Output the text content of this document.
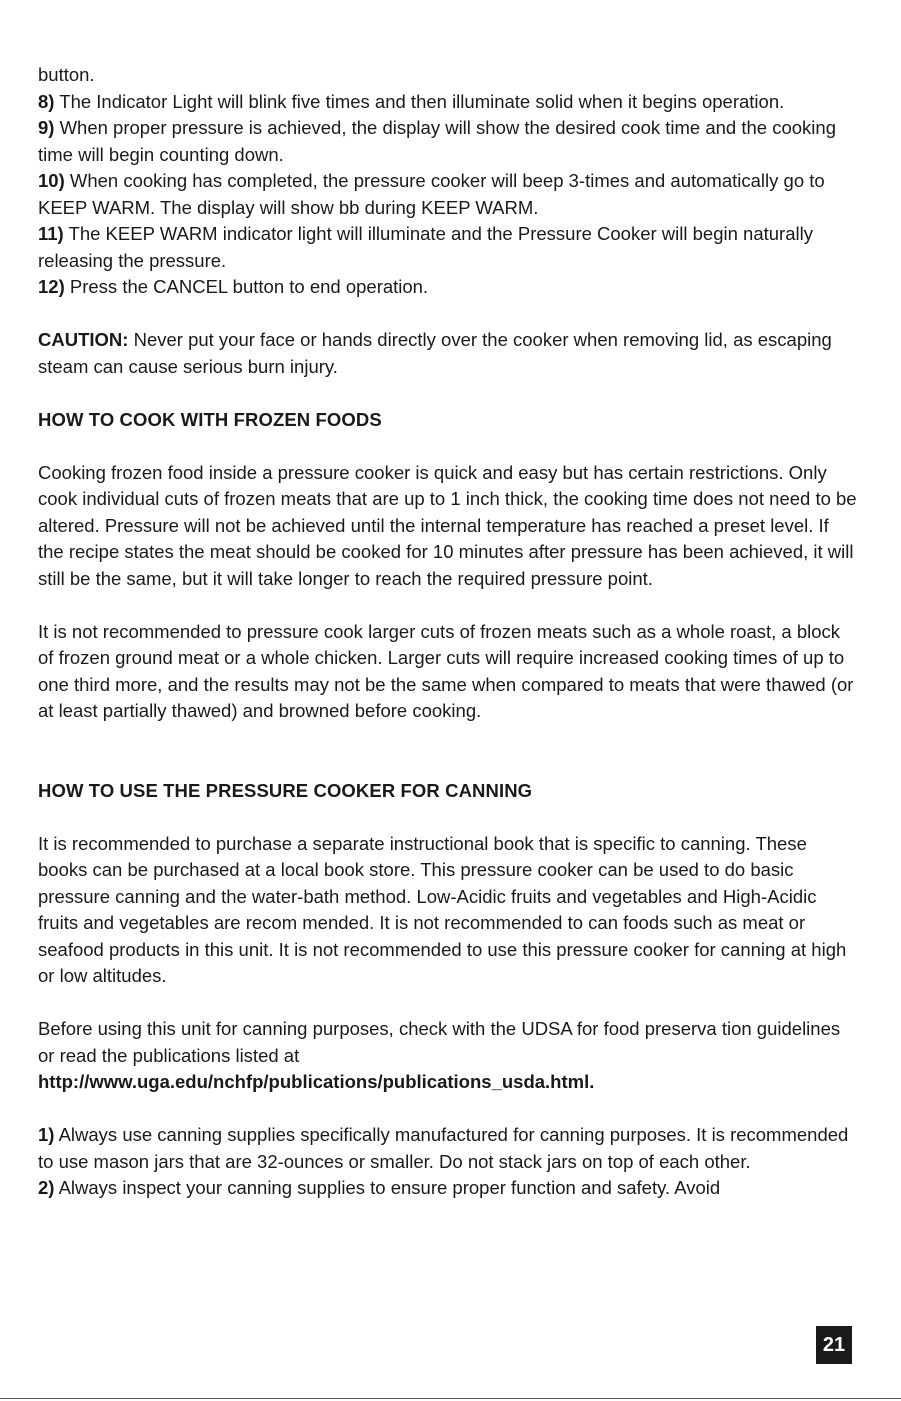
button.

8) The Indicator Light will blink five times and then illuminate solid when it begins operation.

9) When proper pressure is achieved, the display will show the desired cook time and the cooking time will begin counting down.

10) When cooking has completed, the pressure cooker will beep 3-times and automatically go to KEEP WARM. The display will show bb during KEEP WARM.

11) The KEEP WARM indicator light will illuminate and the Pressure Cooker will begin naturally releasing the pressure.

12) Press the CANCEL button to end operation.

CAUTION: Never put your face or hands directly over the cooker when removing lid, as escaping steam can cause serious burn injury.

HOW TO COOK WITH FROZEN FOODS

Cooking frozen food inside a pressure cooker is quick and easy but has certain restrictions. Only cook individual cuts of frozen meats that are up to 1 inch thick, the cooking time does not need to be altered. Pressure will not be achieved until the internal temperature has reached a preset level. If the recipe states the meat should be cooked for 10 minutes after pressure has been achieved, it will still be the same, but it will take longer to reach the required pressure point.

It is not recommended to pressure cook larger cuts of frozen meats such as a whole roast, a block of frozen ground meat or a whole chicken. Larger cuts will require increased cooking times of up to one third more, and the results may not be the same when compared to meats that were thawed (or at least partially thawed) and browned before cooking.

HOW TO USE THE PRESSURE COOKER FOR CANNING

It is recommended to purchase a separate instructional book that is specific to canning. These books can be purchased at a local book store. This pressure cooker can be used to do basic pressure canning and the water-bath method. Low-Acidic fruits and vegetables and High-Acidic fruits and vegetables are recom mended. It is not recommended to can foods such as meat or seafood products in this unit. It is not recommended to use this pressure cooker for canning at high or low altitudes.

Before using this unit for canning purposes, check with the UDSA for food preserva tion guidelines or read the publications listed at

http://www.uga.edu/nchfp/publications/publications_usda.html.

1) Always use canning supplies specifically manufactured for canning purposes. It is recommended to use mason jars that are 32-ounces or smaller. Do not stack jars on top of each other.

2) Always inspect your canning supplies to ensure proper function and safety. Avoid

21
